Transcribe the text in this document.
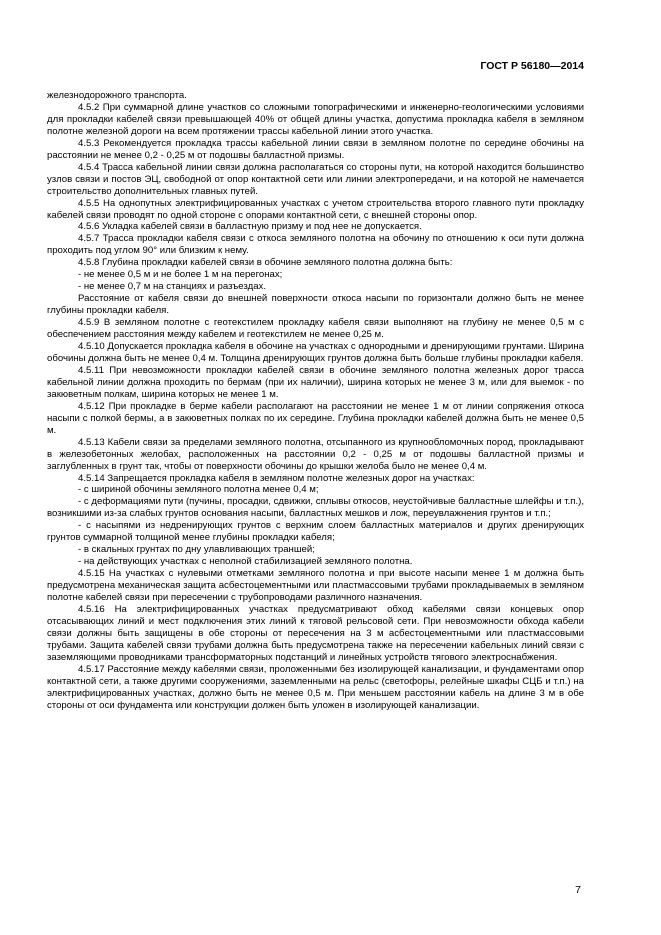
ГОСТ Р 56180—2014

железнодорожного транспорта.

4.5.2 При суммарной длине участков со сложными топографическими и инженерно-геологическими условиями для прокладки кабелей связи превышающей 40% от общей длины участка, допустима прокладка кабеля в земляном полотне железной дороги на всем протяжении трассы кабельной линии этого участка.

4.5.3 Рекомендуется прокладка трассы кабельной линии связи в земляном полотне по середине обочины на расстоянии не менее 0,2 - 0,25 м от подошвы балластной призмы.

4.5.4 Трасса кабельной линии связи должна располагаться со стороны пути, на которой находится большинство узлов связи и постов ЭЦ, свободной от опор контактной сети или линии электропередачи, и на которой не намечается строительство дополнительных главных путей.

4.5.5 На однопутных электрифицированных участках с учетом строительства второго главного пути прокладку кабелей связи проводят по одной стороне с опорами контактной сети, с внешней стороны опор.

4.5.6 Укладка кабелей связи в балластную призму и под нее не допускается.

4.5.7 Трасса прокладки кабеля связи с откоса земляного полотна на обочину по отношению к оси пути должна проходить под углом 90° или близким к нему.

4.5.8 Глубина прокладки кабелей связи в обочине земляного полотна должна быть:

- не менее 0,5 м и не более 1 м на перегонах;

- не менее 0,7 м на станциях и разъездах.

Расстояние от кабеля связи до внешней поверхности откоса насыпи по горизонтали должно быть не менее глубины прокладки кабеля.

4.5.9 В земляном полотне с геотекстилем прокладку кабеля связи выполняют на глубину не менее 0,5 м с обеспечением расстояния между кабелем и геотекстилем не менее 0,25 м.

4.5.10 Допускается прокладка кабеля в обочине на участках с однородными и дренирующими грунтами. Ширина обочины должна быть не менее 0,4 м. Толщина дренирующих грунтов должна быть больше глубины прокладки кабеля.

4.5.11 При невозможности прокладки кабелей связи в обочине земляного полотна железных дорог трасса кабельной линии должна проходить по бермам (при их наличии), ширина которых не менее 3 м, или для выемок - по закюветным полкам, ширина которых не менее 1 м.

4.5.12 При прокладке в берме кабели располагают на расстоянии не менее 1 м от линии сопряжения откоса насыпи с полкой бермы, а в закюветных полках по их середине. Глубина прокладки кабелей должна быть не менее 0,5 м.

4.5.13 Кабели связи за пределами земляного полотна, отсыпанного из крупнообломочных пород, прокладывают в железобетонных желобах, расположенных на расстоянии 0,2 - 0,25 м от подошвы балластной призмы и заглубленных в грунт так, чтобы от поверхности обочины до крышки желоба было не менее 0,4 м.

4.5.14 Запрещается прокладка кабеля в земляном полотне железных дорог на участках:

- с шириной обочины земляного полотна менее 0,4 м;

- с деформациями пути (пучины, просадки, сдвижки, сплывы откосов, неустойчивые балластные шлейфы и т.п.), возникшими из-за слабых грунтов основания насыпи, балластных мешков и лож, переувлажнения грунтов и т.п.;

- с насыпями из недренирующих грунтов с верхним слоем балластных материалов и других дренирующих грунтов суммарной толщиной менее глубины прокладки кабеля;

- в скальных грунтах по дну улавливающих траншей;

- на действующих участках с неполной стабилизацией земляного полотна.

4.5.15 На участках с нулевыми отметками земляного полотна и при высоте насыпи менее 1 м должна быть предусмотрена механическая защита асбестоцементными или пластмассовыми трубами прокладываемых в земляном полотне кабелей связи при пересечении с трубопроводами различного назначения.

4.5.16 На электрифицированных участках предусматривают обход кабелями связи концевых опор отсасывающих линий и мест подключения этих линий к тяговой рельсовой сети. При невозможности обхода кабели связи должны быть защищены в обе стороны от пересечения на 3 м асбестоцементными или пластмассовыми трубами. Защита кабелей связи трубами должна быть предусмотрена также на пересечении кабельных линий связи с заземляющими проводниками трансформаторных подстанций и линейных устройств тягового электроснабжения.

4.5.17 Расстояние между кабелями связи, проложенными без изолирующей канализации, и фундаментами опор контактной сети, а также другими сооружениями, заземленными на рельс (светофоры, релейные шкафы СЦБ и т.п.) на электрифицированных участках, должно быть не менее 0,5 м. При меньшем расстоянии кабель на длине 3 м в обе стороны от оси фундамента или конструкции должен быть уложен в изолирующей канализации.

7
